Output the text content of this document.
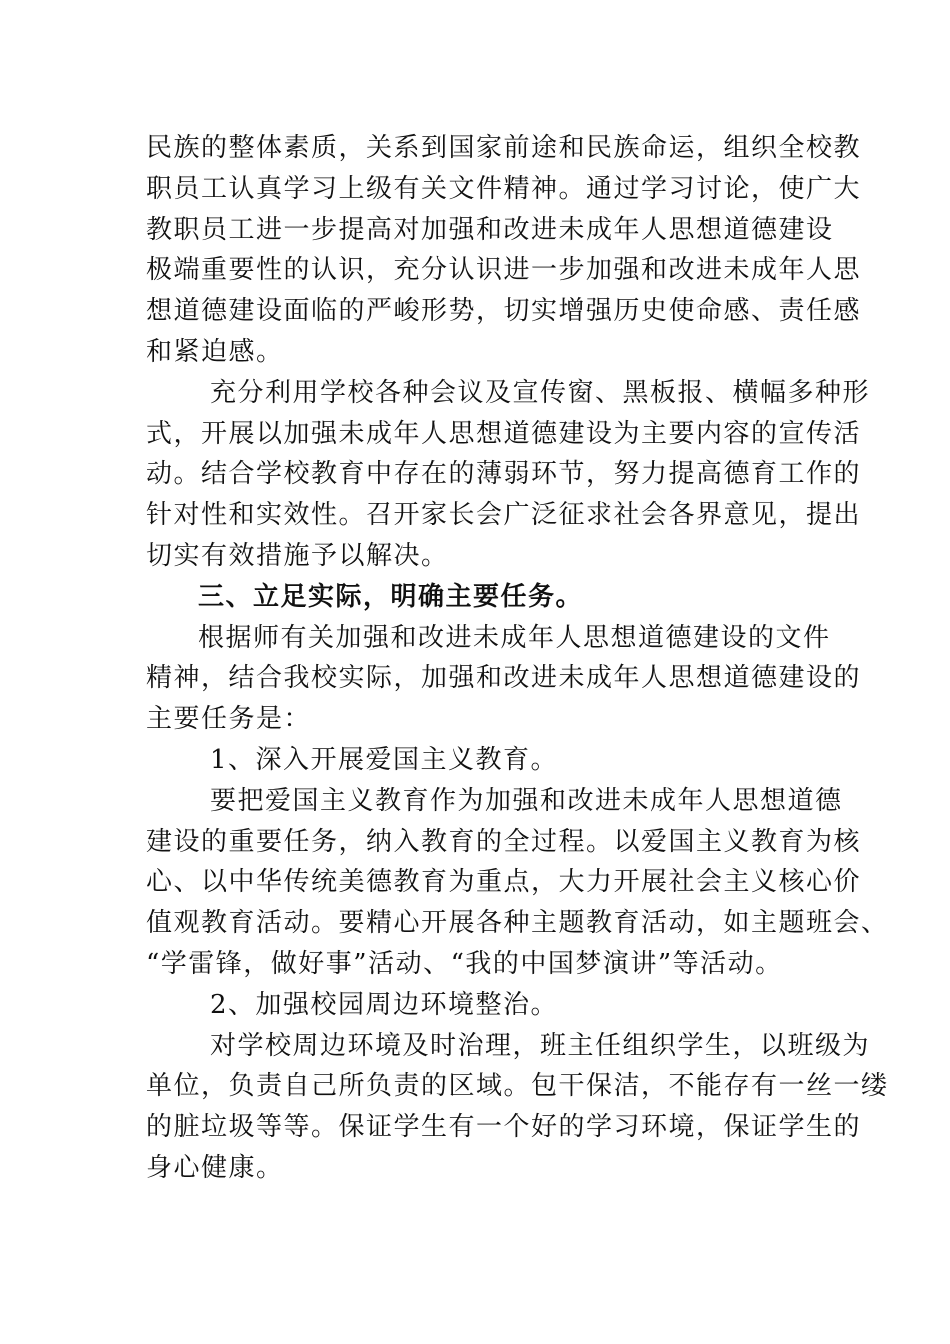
民族的整体素质，关系到国家前途和民族命运，组织全校教
职员工认真学习上级有关文件精神。通过学习讨论，使广大
教职员工进一步提高对加强和改进未成年人思想道德建设
极端重要性的认识，充分认识进一步加强和改进未成年人思
想道德建设面临的严峻形势，切实增强历史使命感、责任感
和紧迫感。
充分利用学校各种会议及宣传窗、黑板报、横幅多种形
式，开展以加强未成年人思想道德建设为主要内容的宣传活
动。结合学校教育中存在的薄弱环节，努力提高德育工作的
针对性和实效性。召开家长会广泛征求社会各界意见，提出
切实有效措施予以解决。
三、立足实际，明确主要任务。
根据师有关加强和改进未成年人思想道德建设的文件
精神，结合我校实际，加强和改进未成年人思想道德建设的
主要任务是：
1、深入开展爱国主义教育。
要把爱国主义教育作为加强和改进未成年人思想道德
建设的重要任务，纳入教育的全过程。以爱国主义教育为核
心、以中华传统美德教育为重点，大力开展社会主义核心价
值观教育活动。要精心开展各种主题教育活动，如主题班会、
“学雷锋，做好事”活动、“我的中国梦演讲”等活动。
2、加强校园周边环境整治。
对学校周边环境及时治理，班主任组织学生，以班级为
单位，负责自己所负责的区域。包干保洁，不能存有一丝一缕
的脏垃圾等等。保证学生有一个好的学习环境，保证学生的
身心健康。
